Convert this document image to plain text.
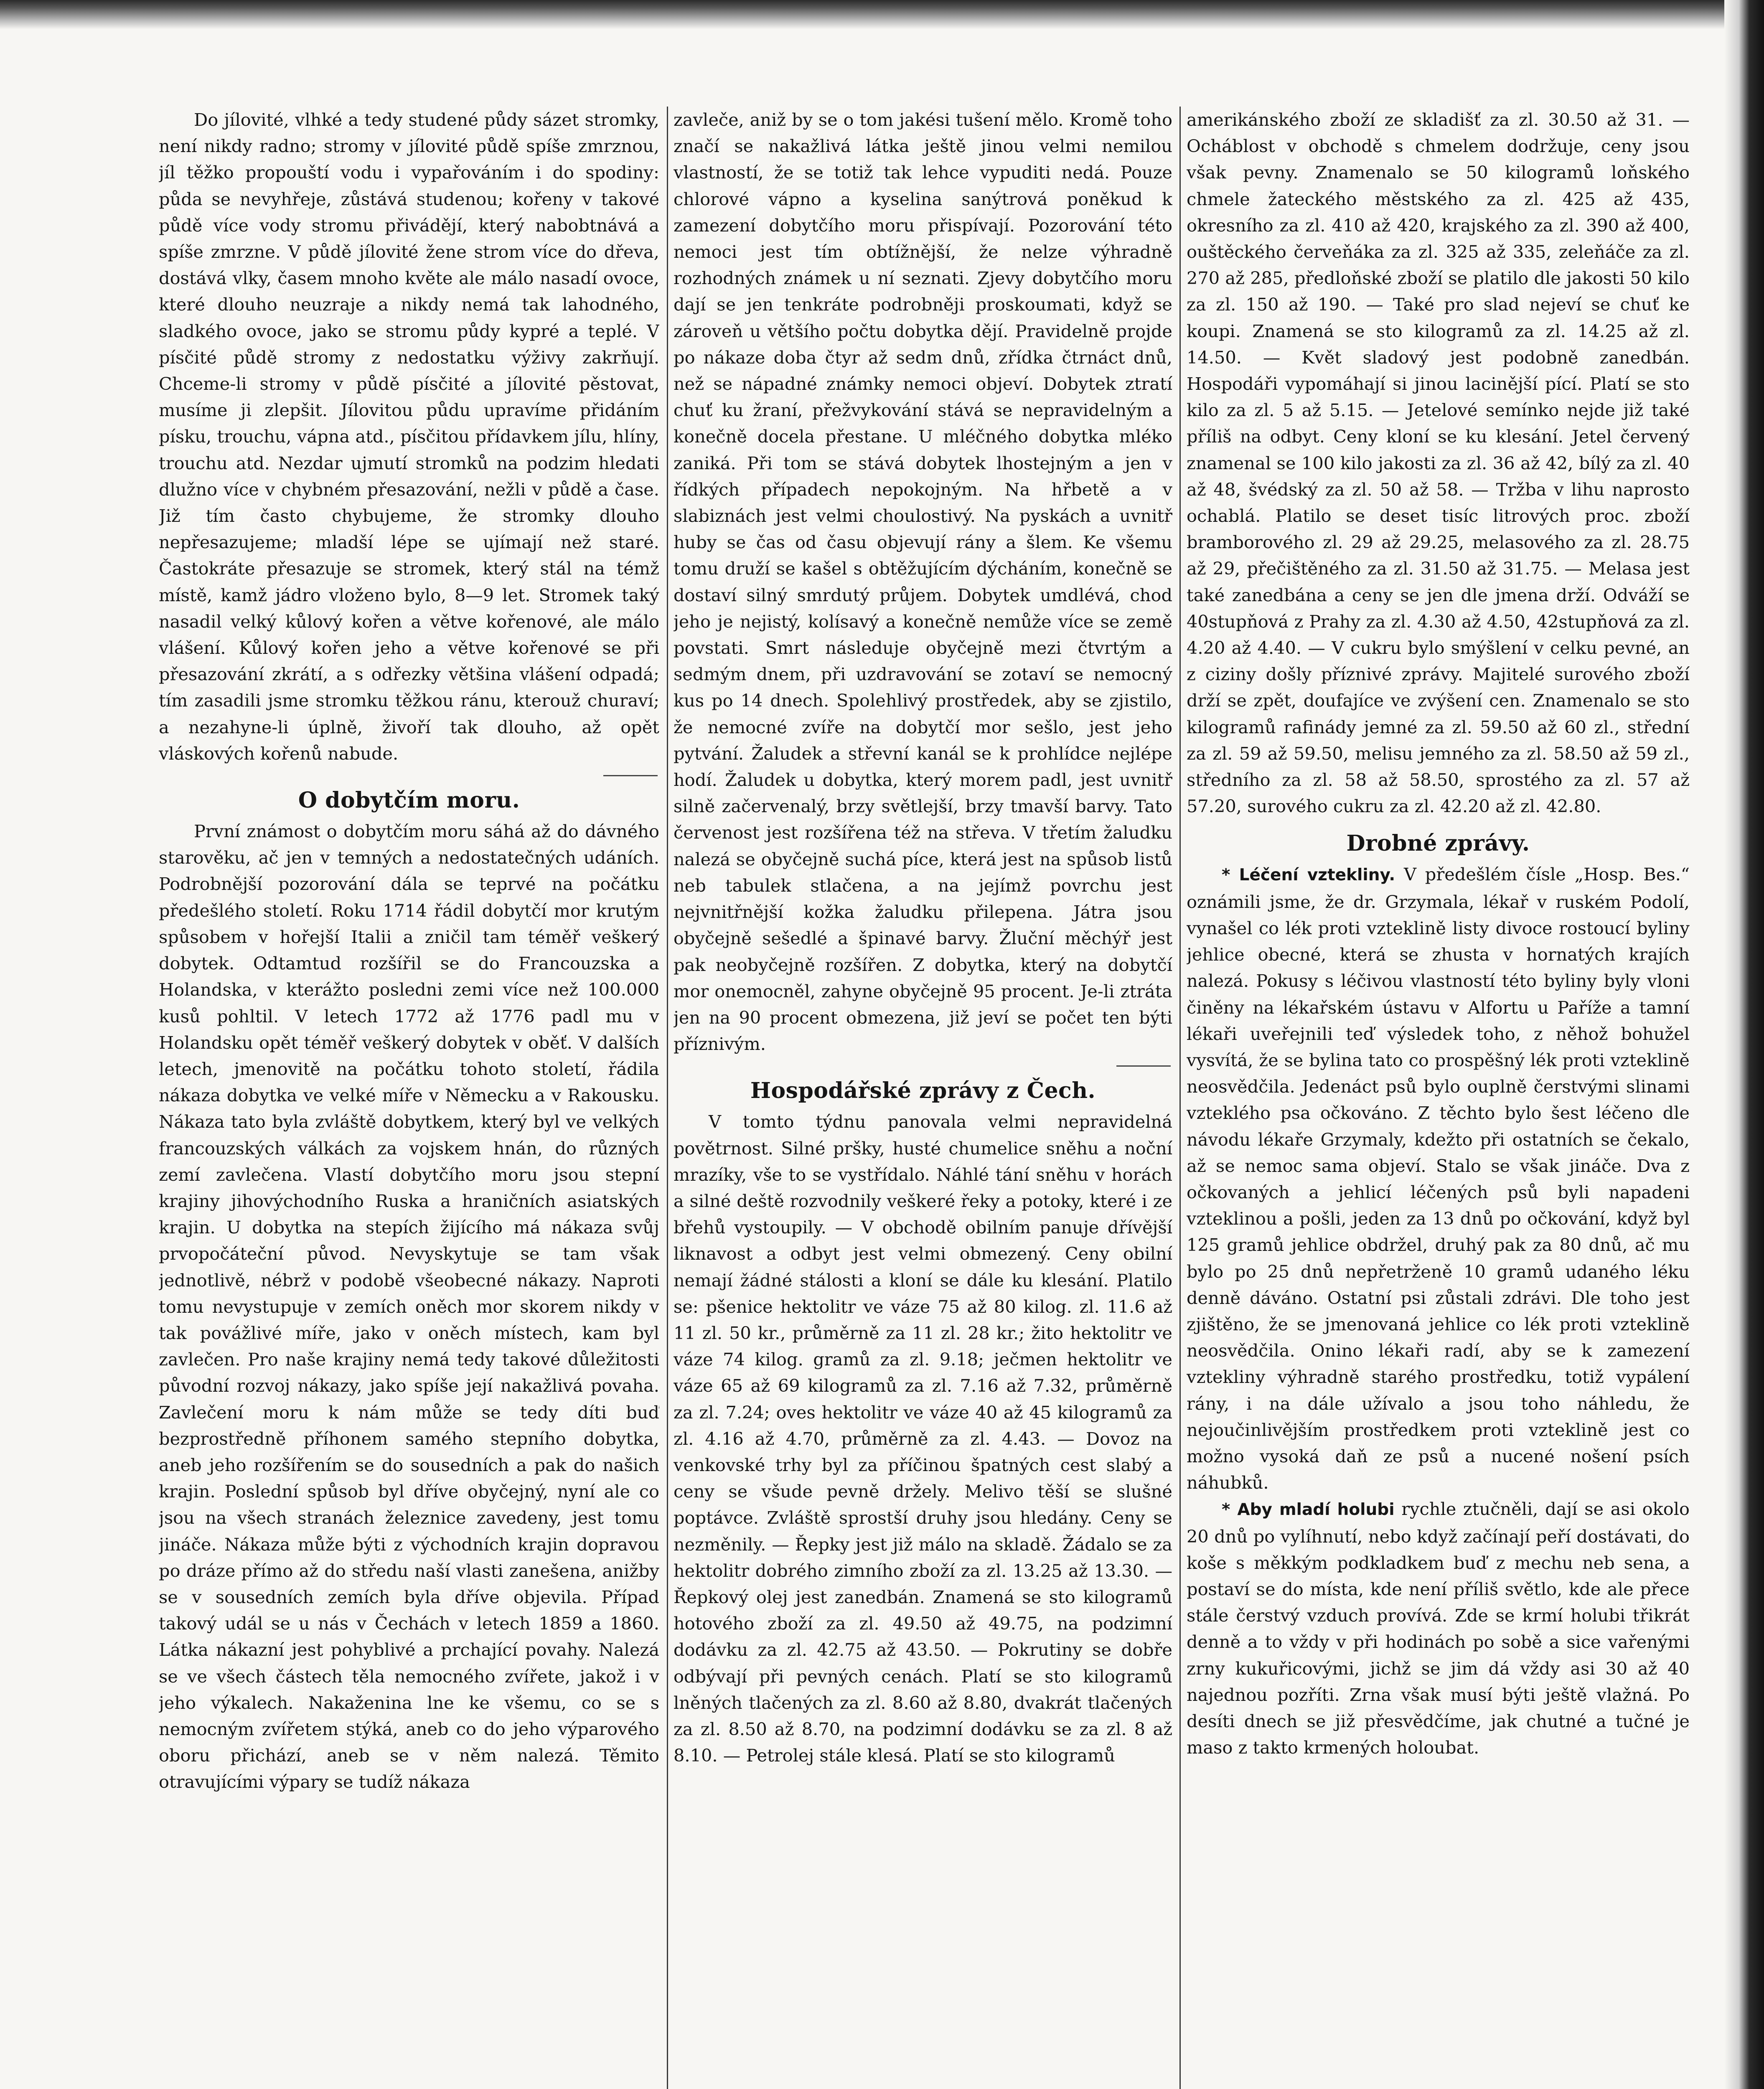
Do jílovité, vlhké a tedy studené půdy sázet stromky, není nikdy radno; stromy v jílovité půdě spíše zmrznou, jíl těžko propouští vodu i vypařováním i do spodiny: půda se nevyhřeje, zůstává studenou; kořeny v takové půdě více vody stromu přivádějí, který nabobtnává a spíše zmrzne. V půdě jílovité žene strom více do dřeva, dostává vlky, časem mnoho květe ale málo nasadí ovoce, které dlouho neuzraje a nikdy nemá tak lahodného, sladkého ovoce, jako se stromu půdy kypré a teplé. V písčité půdě stromy z nedostatku výživy zakrňují. Chceme-li stromy v půdě písčité a jílovité pěstovat, musíme ji zlepšit. Jílovitou půdu upravíme přidáním písku, trouchu, vápna atd., písčitou přídavkem jílu, hlíny, trouchu atd. Nezdar ujmutí stromků na podzim hledati dlužno více v chybném přesazování, nežli v půdě a čase. Již tím často chybujeme, že stromky dlouho nepřesazujeme; mladší lépe se ujímají než staré. Častokráte přesazuje se stromek, který stál na témž místě, kamž jádro vloženo bylo, 8—9 let. Stromek taký nasadil velký kůlový kořen a větve kořenové, ale málo vlášení. Kůlový kořen jeho a větve kořenové se při přesazování zkrátí, a s odřezky většina vlášení odpadá; tím zasadili jsme stromku těžkou ránu, kterouž churaví; a nezahyne-li úplně, živoří tak dlouho, až opět vláskových kořenů nabude.

O dobytčím moru.

První známost o dobytčím moru sáhá až do dávného starověku, ač jen v temných a nedostatečných udáních. Podrobnější pozorování dála se teprvé na počátku předešlého století. Roku 1714 řádil dobytčí mor krutým spůsobem v hořejší Italii a zničil tam téměř veškerý dobytek. Odtamtud rozšířil se do Francouzska a Holandska, v kterážto posledni zemi více než 100.000 kusů pohltil. V letech 1772 až 1776 padl mu v Holandsku opět téměř veškerý dobytek v oběť. V dalších letech, jmenovitě na počátku tohoto století, řádila nákaza dobytka ve velké míře v Německu a v Rakousku. Nákaza tato byla zvláště dobytkem, který byl ve velkých francouzských válkách za vojskem hnán, do různých zemí zavlečena. Vlastí dobytčího moru jsou stepní krajiny jihovýchodního Ruska a hraničních asiatských krajin. U dobytka na stepích žijícího má nákaza svůj prvopočáteční původ. Nevyskytuje se tam však jednotlivě, nébrž v podobě všeobecné nákazy. Naproti tomu nevystupuje v zemích oněch mor skorem nikdy v tak povážlivé míře, jako v oněch místech, kam byl zavlečen. Pro naše krajiny nemá tedy takové důležitosti původní rozvoj nákazy, jako spíše její nakažlivá povaha. Zavlečení moru k nám může se tedy díti buď bezprostředně příhonem samého stepního dobytka, aneb jeho rozšířením se do sousedních a pak do našich krajin. Poslední spůsob byl dříve obyčejný, nyní ale co jsou na všech stranách železnice zavedeny, jest tomu jináče. Nákaza může býti z východních krajin dopravou po dráze přímo až do středu naší vlasti zanešena, anižby se v sousedních zemích byla dříve objevila. Případ takový udál se u nás v Čechách v letech 1859 a 1860. Látka nákazní jest pohyblivé a prchající povahy. Nalezá se ve všech částech těla nemocného zvířete, jakož i v jeho výkalech. Nakaženina lne ke všemu, co se s nemocným zvířetem stýká, aneb co do jeho výparového oboru přichází, aneb se v něm nalezá. Těmito otravujícími výpary se tudíž nákaza

zavleče, aniž by se o tom jakési tušení mělo. Kromě toho značí se nakažlivá látka ještě jinou velmi nemilou vlastností, že se totiž tak lehce vypuditi nedá. Pouze chlorové vápno a kyselina sanýtrová poněkud k zamezení dobytčího moru přispívají. Pozorování této nemoci jest tím obtížnější, že nelze výhradně rozhodných známek u ní seznati. Zjevy dobytčího moru dají se jen tenkráte podrobněji proskoumati, když se zároveň u většího počtu dobytka dějí. Pravidelně projde po nákaze doba čtyr až sedm dnů, zřídka čtrnáct dnů, než se nápadné známky nemoci objeví. Dobytek ztratí chuť ku žraní, přežvykování stává se nepravidelným a konečně docela přestane. U mléčného dobytka mléko zaniká. Při tom se stává dobytek lhostejným a jen v řídkých případech nepokojným. Na hřbetě a v slabiznách jest velmi choulostivý. Na pyskách a uvnitř huby se čas od času objevují rány a šlem. Ke všemu tomu druží se kašel s obtěžujícím dýcháním, konečně se dostaví silný smrdutý průjem. Dobytek umdlévá, chod jeho je nejistý, kolísavý a konečně nemůže více se země povstati. Smrt následuje obyčejně mezi čtvrtým a sedmým dnem, při uzdravování se zotaví se nemocný kus po 14 dnech. Spolehlivý prostředek, aby se zjistilo, že nemocné zvíře na dobytčí mor sešlo, jest jeho pytvání. Žaludek a střevní kanál se k prohlídce nejlépe hodí. Žaludek u dobytka, který morem padl, jest uvnitř silně začervenalý, brzy světlejší, brzy tmavší barvy. Tato červenost jest rozšířena též na střeva. V třetím žaludku nalezá se obyčejně suchá píce, která jest na spůsob listů neb tabulek stlačena, a na jejímž povrchu jest nejvnitřnější kožka žaludku přilepena. Játra jsou obyčejně sešedlé a špinavé barvy. Žluční měchýř jest pak neobyčejně rozšířen. Z dobytka, který na dobytčí mor onemocněl, zahyne obyčejně 95 procent. Je-li ztráta jen na 90 procent obmezena, již jeví se počet ten býti příznivým.

Hospodářské zprávy z Čech.

V tomto týdnu panovala velmi nepravidelná povětrnost. Silné pršky, husté chumelice sněhu a noční mrazíky, vše to se vystřídalo. Náhlé tání sněhu v horách a silné deště rozvodnily veškeré řeky a potoky, které i ze břehů vystoupily. — V obchodě obilním panuje dřívější liknavost a odbyt jest velmi obmezený. Ceny obilní nemají žádné stálosti a kloní se dále ku klesání. Platilo se: pšenice hektolitr ve váze 75 až 80 kilog. zl. 11.6 až 11 zl. 50 kr., průměrně za 11 zl. 28 kr.; žito hektolitr ve váze 74 kilog. gramů za zl. 9.18; ječmen hektolitr ve váze 65 až 69 kilogramů za zl. 7.16 až 7.32, průměrně za zl. 7.24; oves hektolitr ve váze 40 až 45 kilogramů za zl. 4.16 až 4.70, průměrně za zl. 4.43. — Dovoz na venkovské trhy byl za příčinou špatných cest slabý a ceny se všude pevně držely. Melivo těší se slušné poptávce. Zvláště sprostší druhy jsou hledány. Ceny se nezměnily. — Řepky jest již málo na skladě. Žádalo se za hektolitr dobrého zimního zboží za zl. 13.25 až 13.30. — Řepkový olej jest zanedbán. Znamená se sto kilogramů hotového zboží za zl. 49.50 až 49.75, na podzimní dodávku za zl. 42.75 až 43.50. — Pokrutiny se dobře odbývají při pevných cenách. Platí se sto kilogramů lněných tlačených za zl. 8.60 až 8.80, dvakrát tlačených za zl. 8.50 až 8.70, na podzimní dodávku se za zl. 8 až 8.10. — Petrolej stále klesá. Platí se sto kilogramů

amerikánského zboží ze skladišť za zl. 30.50 až 31. — Ocháblost v obchodě s chmelem dodržuje, ceny jsou však pevny. Znamenalo se 50 kilogramů loňského chmele žateckého městského za zl. 425 až 435, okresního za zl. 410 až 420, krajského za zl. 390 až 400, ouštěckého červeňáka za zl. 325 až 335, zeleňáče za zl. 270 až 285, předloňské zboží se platilo dle jakosti 50 kilo za zl. 150 až 190. — Také pro slad nejeví se chuť ke koupi. Znamená se sto kilogramů za zl. 14.25 až zl. 14.50. — Květ sladový jest podobně zanedbán. Hospodáři vypomáhají si jinou lacinější pící. Platí se sto kilo za zl. 5 až 5.15. — Jetelové semínko nejde již také příliš na odbyt. Ceny kloní se ku klesání. Jetel červený znamenal se 100 kilo jakosti za zl. 36 až 42, bílý za zl. 40 až 48, švédský za zl. 50 až 58. — Tržba v lihu naprosto ochablá. Platilo se deset tisíc litrových proc. zboží bramborového zl. 29 až 29.25, melasového za zl. 28.75 až 29, přečištěného za zl. 31.50 až 31.75. — Melasa jest také zanedbána a ceny se jen dle jmena drží. Odváží se 40stupňová z Prahy za zl. 4.30 až 4.50, 42stupňová za zl. 4.20 až 4.40. — V cukru bylo smýšlení v celku pevné, an z ciziny došly příznivé zprávy. Majitelé surového zboží drží se zpět, doufajíce ve zvýšení cen. Znamenalo se sto kilogramů rafinády jemné za zl. 59.50 až 60 zl., střední za zl. 59 až 59.50, melisu jemného za zl. 58.50 až 59 zl., středního za zl. 58 až 58.50, sprostého za zl. 57 až 57.20, surového cukru za zl. 42.20 až zl. 42.80.

Drobné zprávy.

* Léčení vztekliny. V předešlém čísle „Hosp. Bes.“ oznámili jsme, že dr. Grzymala, lékař v ruském Podolí, vynašel co lék proti vzteklině listy divoce rostoucí byliny jehlice obecné, která se zhusta v hornatých krajích nalezá. Pokusy s léčivou vlastností této byliny byly vloni činěny na lékařském ústavu v Alfortu u Paříže a tamní lékaři uveřejnili teď výsledek toho, z něhož bohužel vysvítá, že se bylina tato co prospěšný lék proti vzteklině neosvědčila. Jedenáct psů bylo ouplně čerstvými slinami vzteklého psa očkováno. Z těchto bylo šest léčeno dle návodu lékaře Grzymaly, kdežto při ostatních se čekalo, až se nemoc sama objeví. Stalo se však jináče. Dva z očkovaných a jehlicí léčených psů byli napadeni vzteklinou a pošli, jeden za 13 dnů po očkování, když byl 125 gramů jehlice obdržel, druhý pak za 80 dnů, ač mu bylo po 25 dnů nepřetrženě 10 gramů udaného léku denně dáváno. Ostatní psi zůstali zdrávi. Dle toho jest zjištěno, že se jmenovaná jehlice co lék proti vzteklině neosvědčila. Onino lékaři radí, aby se k zamezení vztekliny výhradně starého prostředku, totiž vypálení rány, i na dále užívalo a jsou toho náhledu, že nejoučinlivějším prostředkem proti vzteklině jest co možno vysoká daň ze psů a nucené nošení psích náhubků.

* Aby mladí holubi rychle ztučněli, dají se asi okolo 20 dnů po vylíhnutí, nebo když začínají peří dostávati, do koše s měkkým podkladkem buď z mechu neb sena, a postaví se do místa, kde není příliš světlo, kde ale přece stále čerstvý vzduch provívá. Zde se krmí holubi třikrát denně a to vždy v při hodinách po sobě a sice vařenými zrny kukuřicovými, jichž se jim dá vždy asi 30 až 40 najednou pozříti. Zrna však musí býti ještě vlažná. Po desíti dnech se již přesvědčíme, jak chutné a tučné je maso z takto krmených holoubat.
